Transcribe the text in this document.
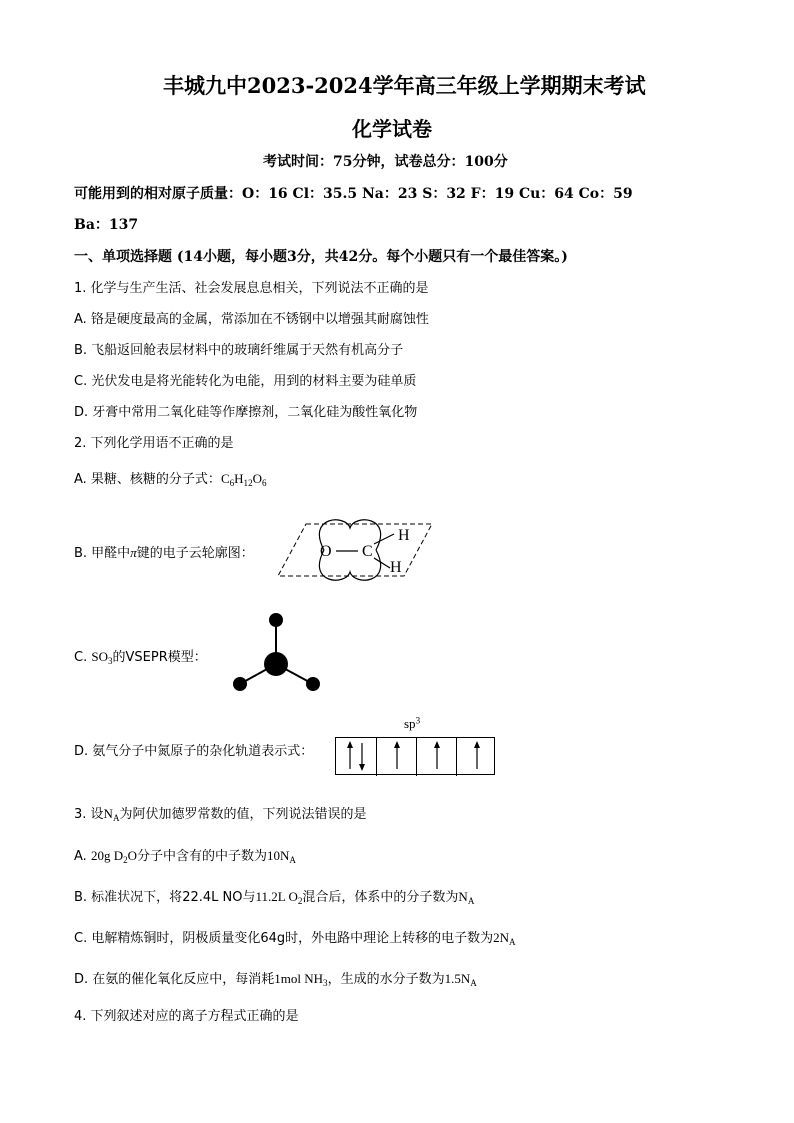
丰城九中2023-2024学年高三年级上学期期末考试
化学试卷
考试时间：75分钟，试卷总分：100分
可能用到的相对原子质量：O：16 Cl：35.5 Na：23 S：32 F：19 Cu：64 Co：59
Ba：137
一、单项选择题 (14小题，每小题3分，共42分。每个小题只有一个最佳答案。)
1. 化学与生产生活、社会发展息息相关，下列说法不正确的是
A. 铬是硬度最高的金属，常添加在不锈钢中以增强其耐腐蚀性
B. 飞船返回舱表层材料中的玻璃纤维属于天然有机高分子
C. 光伏发电是将光能转化为电能，用到的材料主要为硅单质
D. 牙膏中常用二氧化硅等作摩擦剂，二氧化硅为酸性氧化物
2. 下列化学用语不正确的是
A. 果糖、核糖的分子式：$C_6H_{12}O_6$
B. 甲醛中π键的电子云轮廓图：	O C
H
H
C. $SO_3$的VSEPR模型：
D. 氨气分子中氮原子的杂化轨道表示式：
$sp^3$
3. 设$N_A$为阿伏加德罗常数的值，下列说法错误的是
A. 20g $D_2O$分子中含有的中子数为$10N_A$
B. 标准状况下，将22.4L NO与11.2L $O_2$混合后，体系中的分子数为$N_A$
C. 电解精炼铜时，阴极质量变化64g时，外电路中理论上转移的电子数为$2N_A$
D. 在氨的催化氧化反应中，每消耗1mol $NH_3$，生成的水分子数为$1.5N_A$
4. 下列叙述对应的离子方程式正确的是
